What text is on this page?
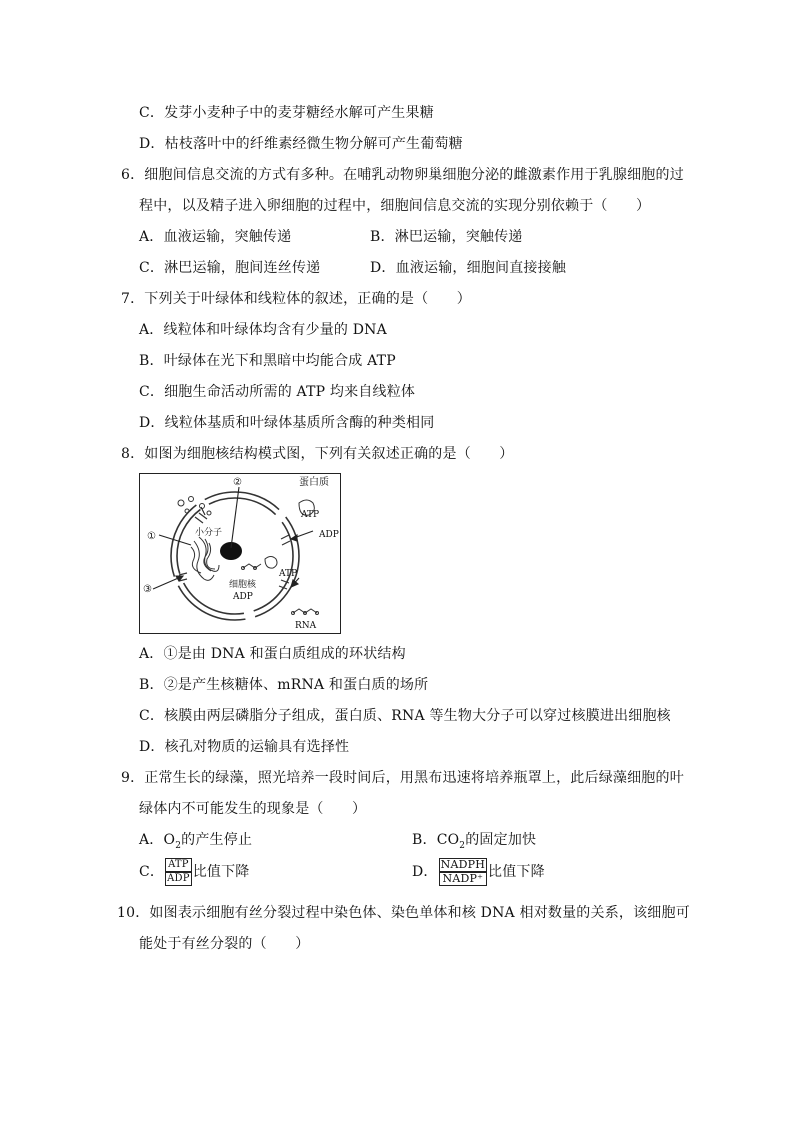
C．发芽小麦种子中的麦芽糖经水解可产生果糖
D．枯枝落叶中的纤维素经微生物分解可产生葡萄糖
6．细胞间信息交流的方式有多种。在哺乳动物卵巢细胞分泌的雌激素作用于乳腺细胞的过
程中，以及精子进入卵细胞的过程中，细胞间信息交流的实现分别依赖于（　　）
A．血液运输，突触传递	B．淋巴运输，突触传递
C．淋巴运输，胞间连丝传递	D．血液运输，细胞间直接接触
7．下列关于叶绿体和线粒体的叙述，正确的是（　　）
A．线粒体和叶绿体均含有少量的 DNA
B．叶绿体在光下和黑暗中均能合成 ATP
C．细胞生命活动所需的 ATP 均来自线粒体
D．线粒体基质和叶绿体基质所含酶的种类相同
8．如图为细胞核结构模式图，下列有关叙述正确的是（　　）
②
①
③
蛋白质
ATP
ADP
小分子
细胞核
ADP
ATP
RNA
A．①是由 DNA 和蛋白质组成的环状结构
B．②是产生核糖体、mRNA 和蛋白质的场所
C．核膜由两层磷脂分子组成，蛋白质、RNA 等生物大分子可以穿过核膜进出细胞核
D．核孔对物质的运输具有选择性
9．正常生长的绿藻，照光培养一段时间后，用黑布迅速将培养瓶罩上，此后绿藻细胞的叶
绿体内不可能发生的现象是（　　）
A．$O_2$的产生停止	B．$CO_2$的固定加快
C． $\frac{\text{ATP}}{\text{ADP}}$ 比值下降	D． $\frac{\text{NADPH}}{\text{NADP⁺}}$ 比值下降
10．如图表示细胞有丝分裂过程中染色体、染色单体和核 DNA 相对数量的关系，该细胞可
能处于有丝分裂的（　　）
